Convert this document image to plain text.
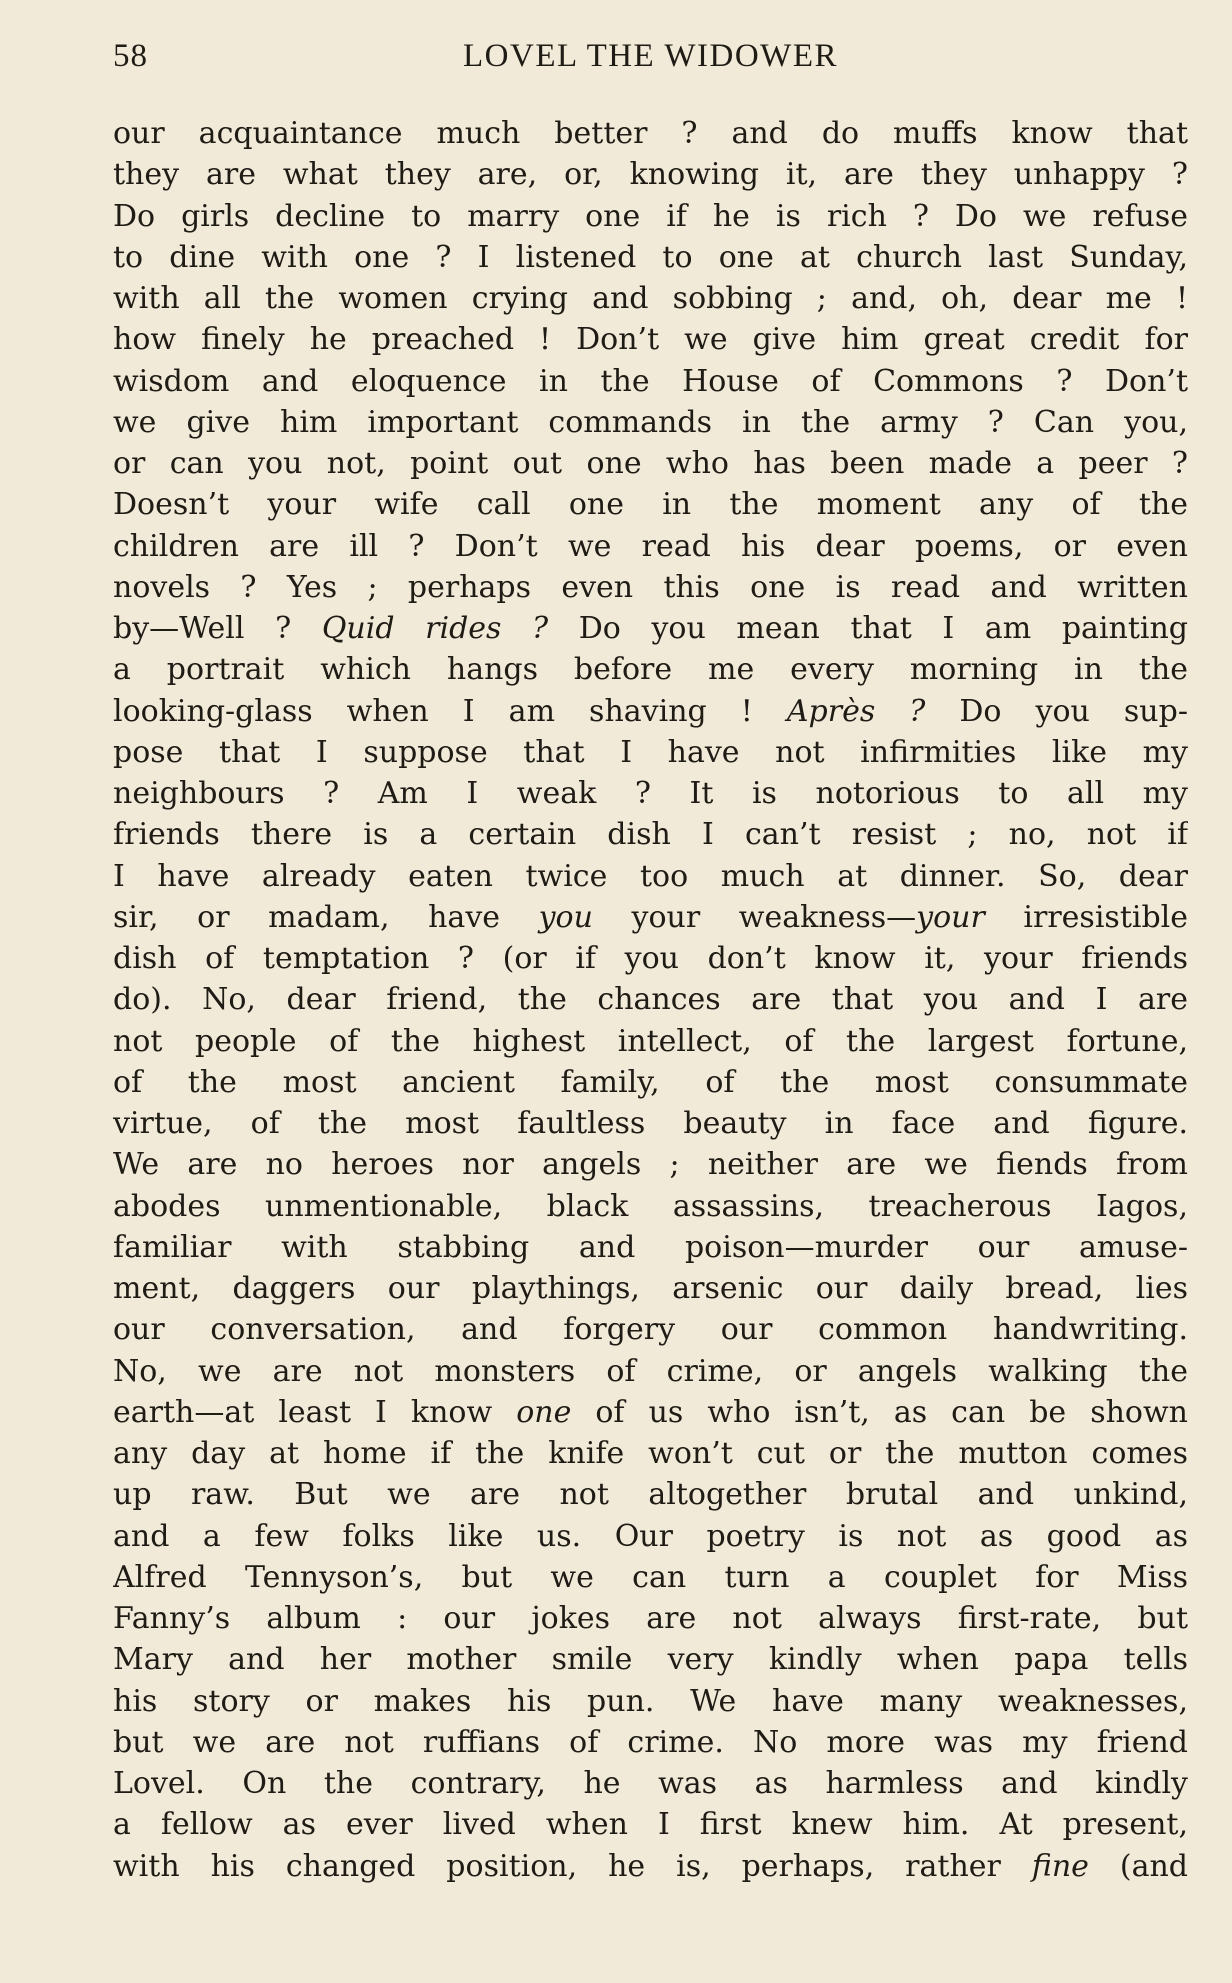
58	LOVEL THE WIDOWER
our acquaintance much better ? and do muffs know that
they are what they are, or, knowing it, are they unhappy ?
Do girls decline to marry one if he is rich ? Do we refuse
to dine with one ? I listened to one at church last Sunday,
with all the women crying and sobbing ; and, oh, dear me !
how finely he preached ! Don’t we give him great credit for
wisdom and eloquence in the House of Commons ? Don’t
we give him important commands in the army ? Can you,
or can you not, point out one who has been made a peer ?
Doesn’t your wife call one in the moment any of the
children are ill ? Don’t we read his dear poems, or even
novels ? Yes ; perhaps even this one is read and written
by—Well ? Quid rides ? Do you mean that I am painting
a portrait which hangs before me every morning in the
looking-glass when I am shaving ! Après ? Do you sup-
pose that I suppose that I have not infirmities like my
neighbours ? Am I weak ? It is notorious to all my
friends there is a certain dish I can’t resist ; no, not if
I have already eaten twice too much at dinner. So, dear
sir, or madam, have you your weakness—your irresistible
dish of temptation ? (or if you don’t know it, your friends
do). No, dear friend, the chances are that you and I are
not people of the highest intellect, of the largest fortune,
of the most ancient family, of the most consummate
virtue, of the most faultless beauty in face and figure.
We are no heroes nor angels ; neither are we fiends from
abodes unmentionable, black assassins, treacherous Iagos,
familiar with stabbing and poison—murder our amuse-
ment, daggers our playthings, arsenic our daily bread, lies
our conversation, and forgery our common handwriting.
No, we are not monsters of crime, or angels walking the
earth—at least I know one of us who isn’t, as can be shown
any day at home if the knife won’t cut or the mutton comes
up raw. But we are not altogether brutal and unkind,
and a few folks like us. Our poetry is not as good as
Alfred Tennyson’s, but we can turn a couplet for Miss
Fanny’s album : our jokes are not always first-rate, but
Mary and her mother smile very kindly when papa tells
his story or makes his pun. We have many weaknesses,
but we are not ruffians of crime. No more was my friend
Lovel. On the contrary, he was as harmless and kindly
a fellow as ever lived when I first knew him. At present,
with his changed position, he is, perhaps, rather fine (and
